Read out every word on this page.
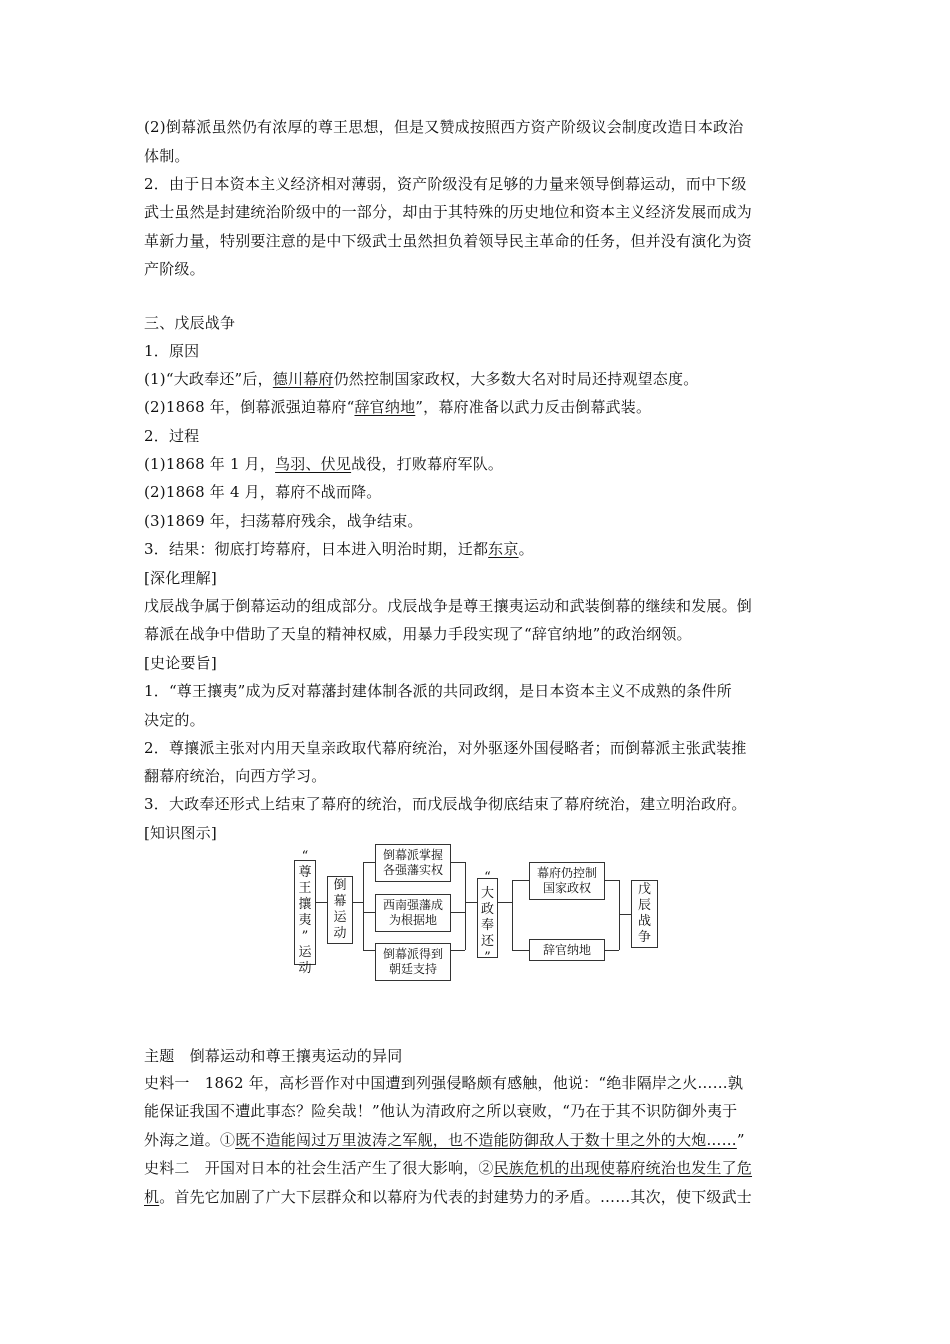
(2)倒幕派虽然仍有浓厚的尊王思想，但是又赞成按照西方资产阶级议会制度改造日本政治
体制。
2．由于日本资本主义经济相对薄弱，资产阶级没有足够的力量来领导倒幕运动，而中下级
武士虽然是封建统治阶级中的一部分，却由于其特殊的历史地位和资本主义经济发展而成为
革新力量，特别要注意的是中下级武士虽然担负着领导民主革命的任务，但并没有演化为资
产阶级。
三、戊辰战争
1．原因
(1)“大政奉还”后，德川幕府仍然控制国家政权，大多数大名对时局还持观望态度。
(2)1868 年，倒幕派强迫幕府“辞官纳地”，幕府准备以武力反击倒幕武装。
2．过程
(1)1868 年 1 月，鸟羽、伏见战役，打败幕府军队。
(2)1868 年 4 月，幕府不战而降。
(3)1869 年，扫荡幕府残余，战争结束。
3．结果：彻底打垮幕府，日本进入明治时期，迁都东京。
[深化理解]
戊辰战争属于倒幕运动的组成部分。戊辰战争是尊王攘夷运动和武装倒幕的继续和发展。倒
幕派在战争中借助了天皇的精神权威，用暴力手段实现了“辞官纳地”的政治纲领。
[史论要旨]
1．“尊王攘夷”成为反对幕藩封建体制各派的共同政纲，是日本资本主义不成熟的条件所
决定的。
2．尊攘派主张对内用天皇亲政取代幕府统治，对外驱逐外国侵略者；而倒幕派主张武装推
翻幕府统治，向西方学习。
3．大政奉还形式上结束了幕府的统治，而戊辰战争彻底结束了幕府统治，建立明治政府。
[知识图示]
主题　倒幕运动和尊王攘夷运动的异同
史料一　1862 年，高杉晋作对中国遭到列强侵略颇有感触，他说：“绝非隔岸之火……孰
能保证我国不遭此事态？险矣哉！”他认为清政府之所以衰败，“乃在于其不识防御外夷于
外海之道。①既不造能闯过万里波涛之军舰，也不造能防御敌人于数十里之外的大炮……”
史料二　开国对日本的社会生活产生了很大影响，②民族危机的出现使幕府统治也发生了危
机。首先它加剧了广大下层群众和以幕府为代表的封建势力的矛盾。……其次，使下级武士
“
尊
王
攘
夷
”
运
动
倒
幕
运
动
倒幕派掌握各强藩实权
西南强藩成为根据地
倒幕派得到朝廷支持
“
大
政
奉
还
”
幕府仍控制国家政权
辞官纳地
戊
辰
战
争
